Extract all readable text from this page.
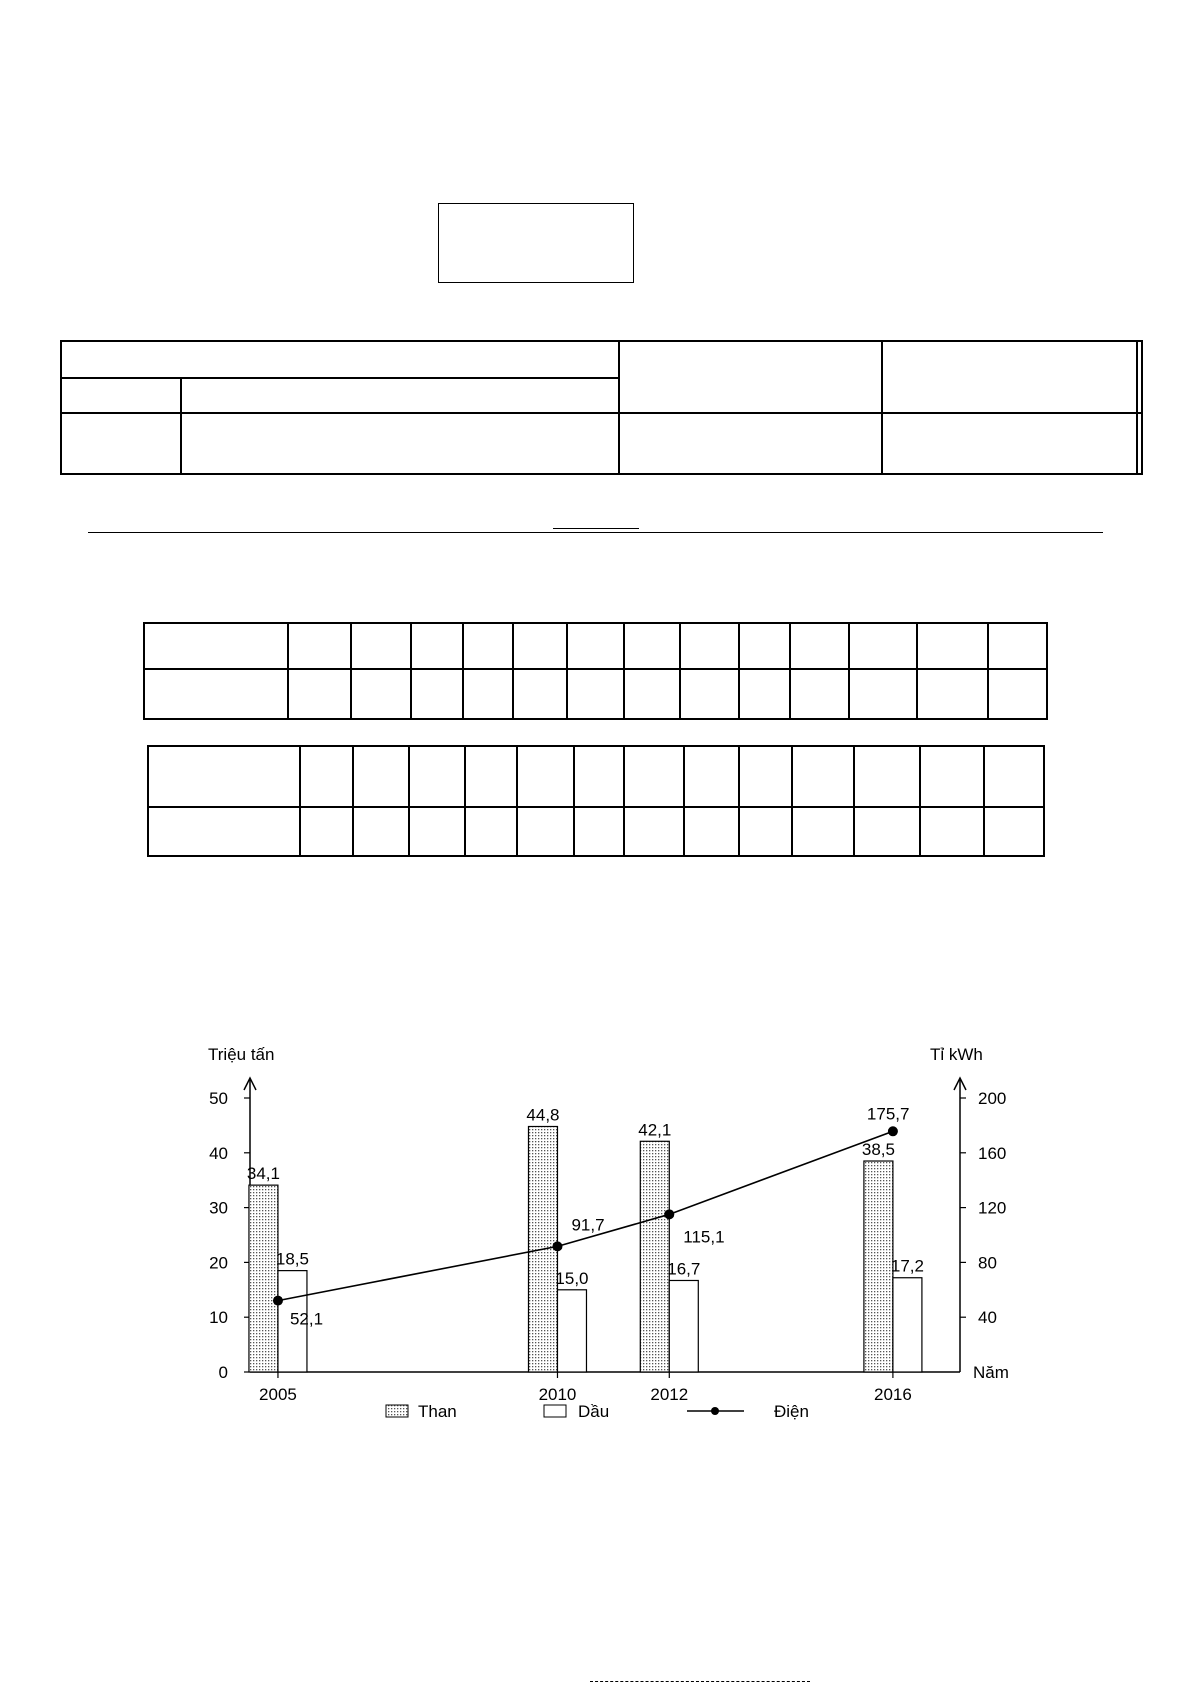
Triệu tấn	Tỉ kWh
Năm
0
10
20
30
40
50
40
80
120
160
200
2005
34,1
18,5
2010
44,8
15,0
2012
42,1
16,7
2016
38,5
17,2
52,1
91,7
115,1
175,7
Than	Dầu	Điện
